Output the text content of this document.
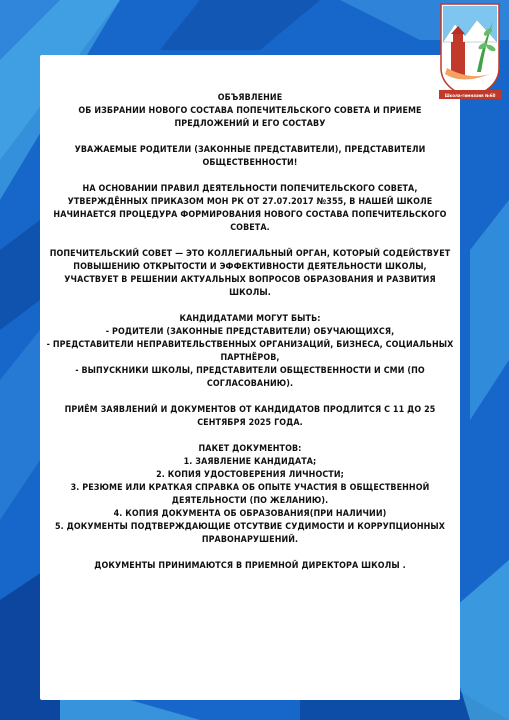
Школа-гимназия №60
ОБЪЯВЛЕНИЕ
ОБ ИЗБРАНИИ НОВОГО СОСТАВА ПОПЕЧИТЕЛЬСКОГО СОВЕТА И ПРИЕМЕ
ПРЕДЛОЖЕНИЙ И ЕГО СОСТАВУ
УВАЖАЕМЫЕ РОДИТЕЛИ (ЗАКОННЫЕ ПРЕДСТАВИТЕЛИ), ПРЕДСТАВИТЕЛИ
ОБЩЕСТВЕННОСТИ!
НА ОСНОВАНИИ ПРАВИЛ ДЕЯТЕЛЬНОСТИ ПОПЕЧИТЕЛЬСКОГО СОВЕТА,
УТВЕРЖДЁННЫХ ПРИКАЗОМ МОН РК ОТ 27.07.2017 №355, В НАШЕЙ ШКОЛЕ
НАЧИНАЕТСЯ ПРОЦЕДУРА ФОРМИРОВАНИЯ НОВОГО СОСТАВА ПОПЕЧИТЕЛЬСКОГО
СОВЕТА.
ПОПЕЧИТЕЛЬСКИЙ СОВЕТ — ЭТО КОЛЛЕГИАЛЬНЫЙ ОРГАН, КОТОРЫЙ СОДЕЙСТВУЕТ
ПОВЫШЕНИЮ ОТКРЫТОСТИ И ЭФФЕКТИВНОСТИ ДЕЯТЕЛЬНОСТИ ШКОЛЫ,
УЧАСТВУЕТ В РЕШЕНИИ АКТУАЛЬНЫХ ВОПРОСОВ ОБРАЗОВАНИЯ И РАЗВИТИЯ
ШКОЛЫ.
КАНДИДАТАМИ МОГУТ БЫТЬ:
- РОДИТЕЛИ (ЗАКОННЫЕ ПРЕДСТАВИТЕЛИ) ОБУЧАЮЩИХСЯ,
- ПРЕДСТАВИТЕЛИ НЕПРАВИТЕЛЬСТВЕННЫХ ОРГАНИЗАЦИЙ, БИЗНЕСА, СОЦИАЛЬНЫХ
ПАРТНЁРОВ,
- ВЫПУСКНИКИ ШКОЛЫ, ПРЕДСТАВИТЕЛИ ОБЩЕСТВЕННОСТИ И СМИ (ПО
СОГЛАСОВАНИЮ).
ПРИЁМ ЗАЯВЛЕНИЙ И ДОКУМЕНТОВ ОТ КАНДИДАТОВ ПРОДЛИТСЯ С 11 ДО 25
СЕНТЯБРЯ 2025 ГОДА.
ПАКЕТ ДОКУМЕНТОВ:
1. ЗАЯВЛЕНИЕ КАНДИДАТА;
2. КОПИЯ УДОСТОВЕРЕНИЯ ЛИЧНОСТИ;
3. РЕЗЮМЕ ИЛИ КРАТКАЯ СПРАВКА ОБ ОПЫТЕ УЧАСТИЯ В ОБЩЕСТВЕННОЙ
ДЕЯТЕЛЬНОСТИ (ПО ЖЕЛАНИЮ).
4. КОПИЯ ДОКУМЕНТА ОБ ОБРАЗОВАНИЯ(ПРИ НАЛИЧИИ)
5. ДОКУМЕНТЫ ПОДТВЕРЖДАЮЩИЕ ОТСУТВИЕ СУДИМОСТИ И КОРРУПЦИОННЫХ
ПРАВОНАРУШЕНИЙ.
ДОКУМЕНТЫ ПРИНИМАЮТСЯ В ПРИЕМНОЙ ДИРЕКТОРА ШКОЛЫ .
